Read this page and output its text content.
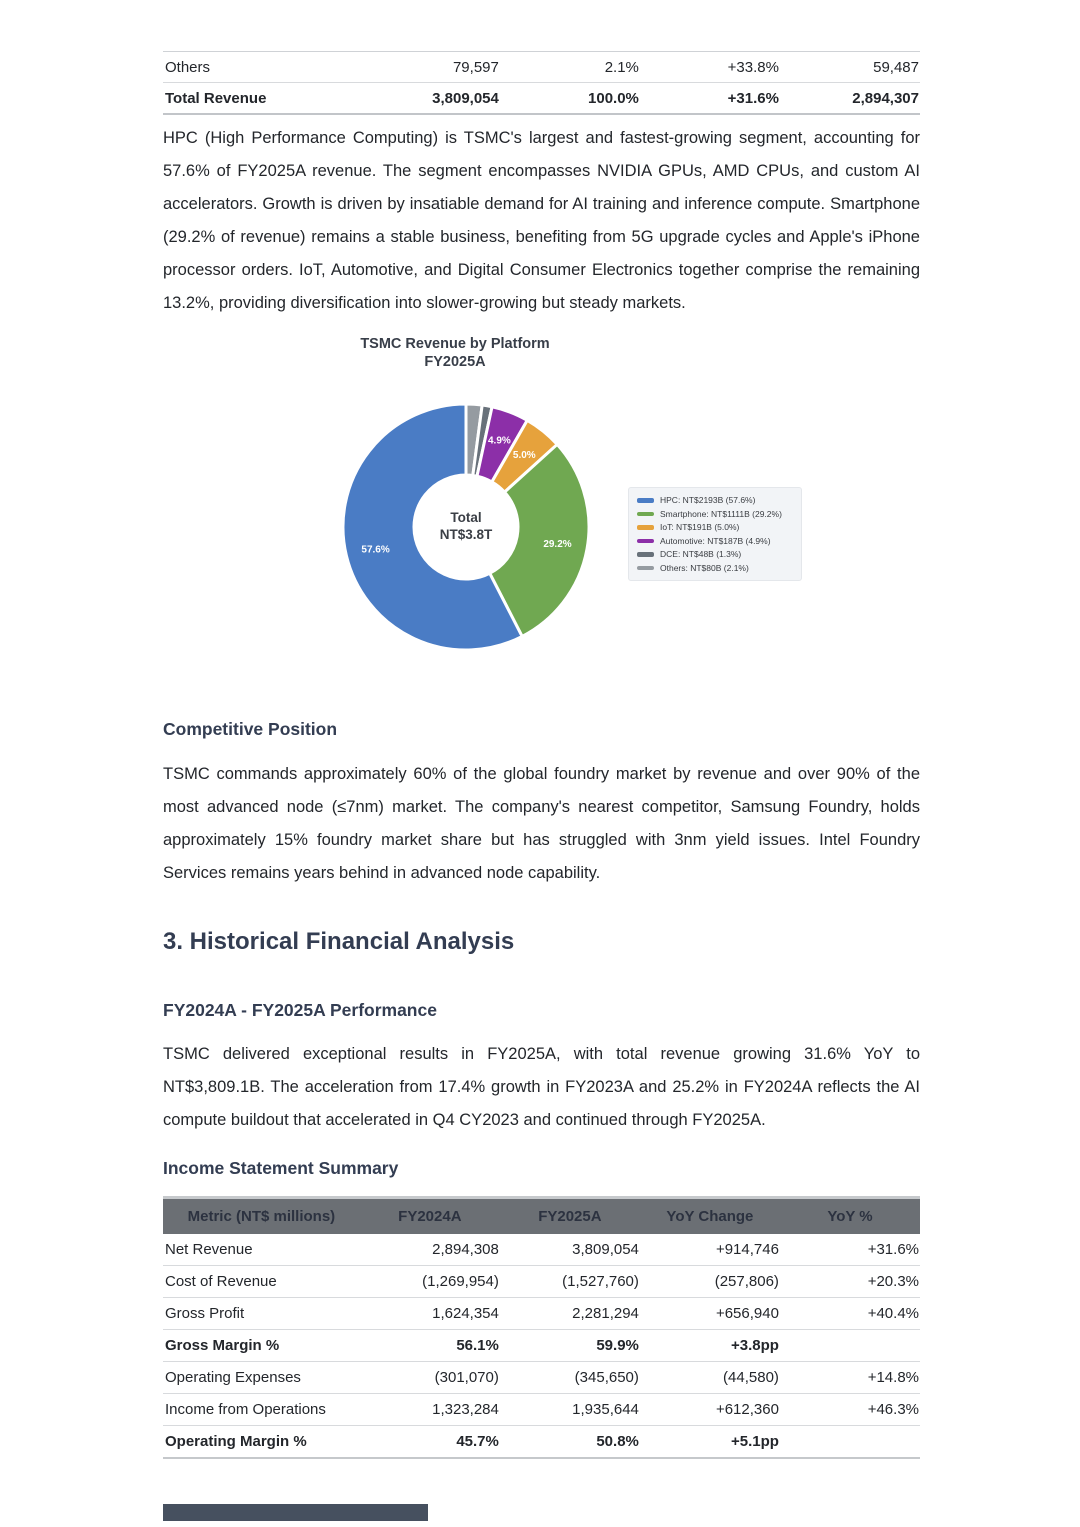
Others	79,597	2.1%	+33.8%	59,487
Total Revenue	3,809,054	100.0%	+31.6%	2,894,307

HPC (High Performance Computing) is TSMC's largest and fastest-growing segment, accounting for 57.6% of FY2025A revenue. The segment encompasses NVIDIA GPUs, AMD CPUs, and custom AI accelerators. Growth is driven by insatiable demand for AI training and inference compute. Smartphone (29.2% of revenue) remains a stable business, benefiting from 5G upgrade cycles and Apple's iPhone processor orders. IoT, Automotive, and Digital Consumer Electronics together comprise the remaining 13.2%, providing diversification into slower-growing but steady markets.

TSMC Revenue by Platform
FY2025A
4.9%
5.0%
29.2%
57.6%
Total
NT$3.8T
HPC: NT$2193B (57.6%)
Smartphone: NT$1111B (29.2%)
IoT: NT$191B (5.0%)
Automotive: NT$187B (4.9%)
DCE: NT$48B (1.3%)
Others: NT$80B (2.1%)
Competitive Position

TSMC commands approximately 60% of the global foundry market by revenue and over 90% of the most advanced node (≤7nm) market. The company's nearest competitor, Samsung Foundry, holds approximately 15% foundry market share but has struggled with 3nm yield issues. Intel Foundry Services remains years behind in advanced node capability.

3. Historical Financial Analysis
FY2024A - FY2025A Performance

TSMC delivered exceptional results in FY2025A, with total revenue growing 31.6% YoY to NT$3,809.1B. The acceleration from 17.4% growth in FY2023A and 25.2% in FY2024A reflects the AI compute buildout that accelerated in Q4 CY2023 and continued through FY2025A.

Income Statement Summary
Metric (NT$ millions)	FY2024A	FY2025A	YoY Change	YoY %
Net Revenue	2,894,308	3,809,054	+914,746	+31.6%
Cost of Revenue	(1,269,954)	(1,527,760)	(257,806)	+20.3%
Gross Profit	1,624,354	2,281,294	+656,940	+40.4%
Gross Margin %	56.1%	59.9%	+3.8pp	
Operating Expenses	(301,070)	(345,650)	(44,580)	+14.8%
Income from Operations	1,323,284	1,935,644	+612,360	+46.3%
Operating Margin %	45.7%	50.8%	+5.1pp	
